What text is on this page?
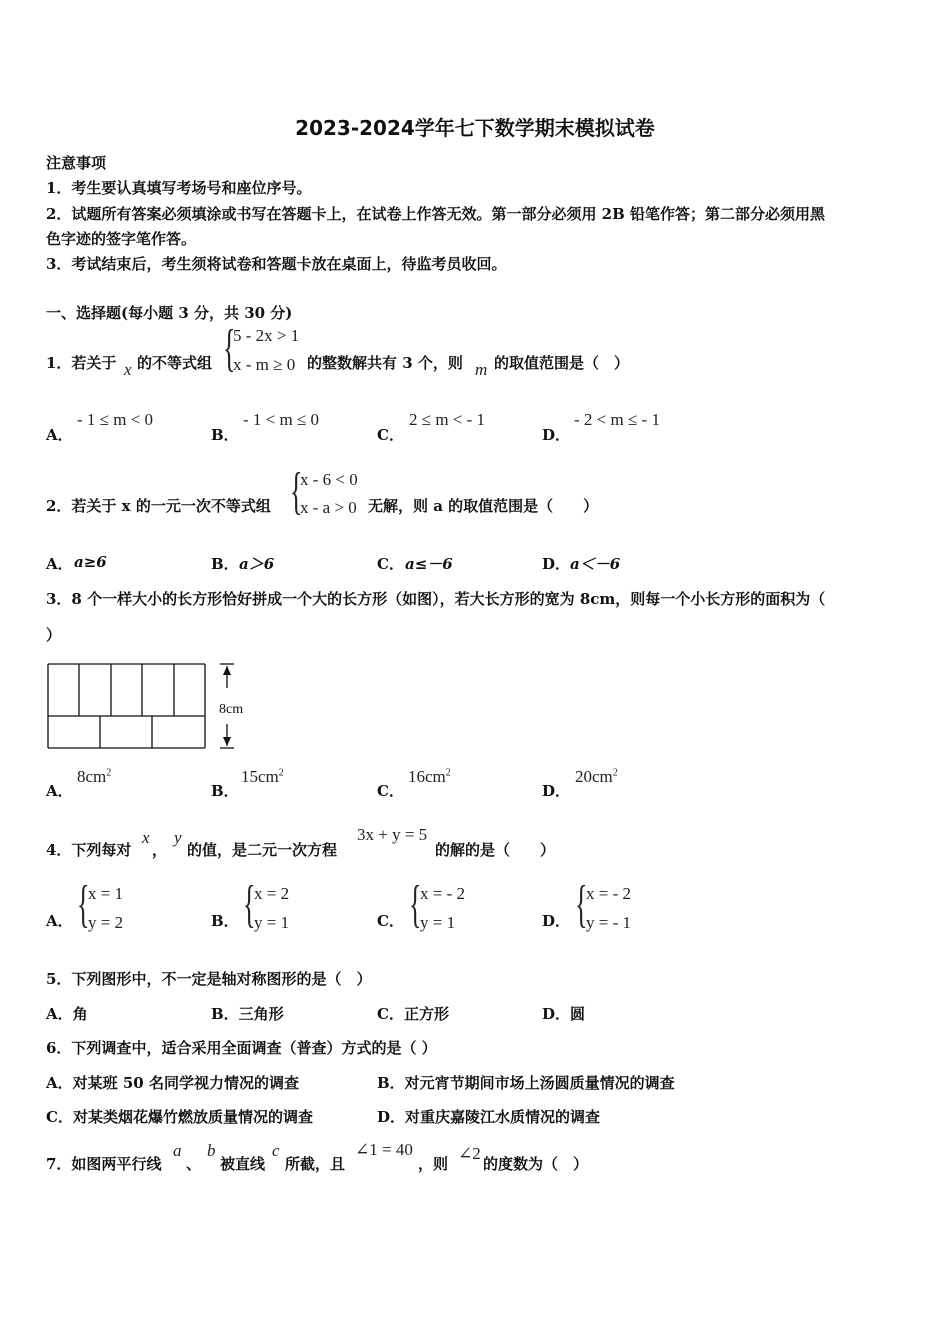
2023-2024学年七下数学期末模拟试卷
注意事项
1．考生要认真填写考场号和座位序号。
2．试题所有答案必须填涂或书写在答题卡上，在试卷上作答无效。第一部分必须用 2B 铅笔作答；第二部分必须用黑
色字迹的签字笔作答。
3．考试结束后，考生须将试卷和答题卡放在桌面上，待监考员收回。
一、选择题(每小题 3 分，共 30 分)
1．若关于 x 的不等式组 {
5 - 2x > 1
x - m ≥ 0 的整数解共有 3 个，则 m 的取值范围是（　）
A．
- 1 ≤ m < 0
B．
- 1 < m ≤ 0
C．
2 ≤ m < - 1
D．
- 2 < m ≤ - 1
2．若关于 x 的一元一次不等式组 {
x - 6 < 0
x - a > 0 无解，则 a 的取值范围是（　　）
A． a≥6	B． a＞6	C． a≤－6	D． a＜－6
3．8 个一样大小的长方形恰好拼成一个大的长方形（如图），若大长方形的宽为 8cm，则每一个小长方形的面积为（
）
8cm
A．
$8cm^2$
B．
$15cm^2$
C．
$16cm^2$
D．
$20cm^2$
4．下列每对
x
，
y
的值，是二元一次方程
3x + y = 5
的解的是（　　）
A． {
x = 1
y = 2	B． {
x = 2
y = 1	C． {
x = - 2
y = 1	D． {
x = - 2
y = - 1
5．下列图形中，不一定是轴对称图形的是（　）
A．角	B．三角形	C．正方形	D．圆
6．下列调查中，适合采用全面调查（普查）方式的是（ ）
A．对某班 50 名同学视力情况的调查	B．对元宵节期间市场上汤圆质量情况的调查
C．对某类烟花爆竹燃放质量情况的调查	D．对重庆嘉陵江水质情况的调查
7．如图两平行线
a
、
b
被直线
c
所截，且
∠1 = 40
，则
∠2
的度数为（　）
